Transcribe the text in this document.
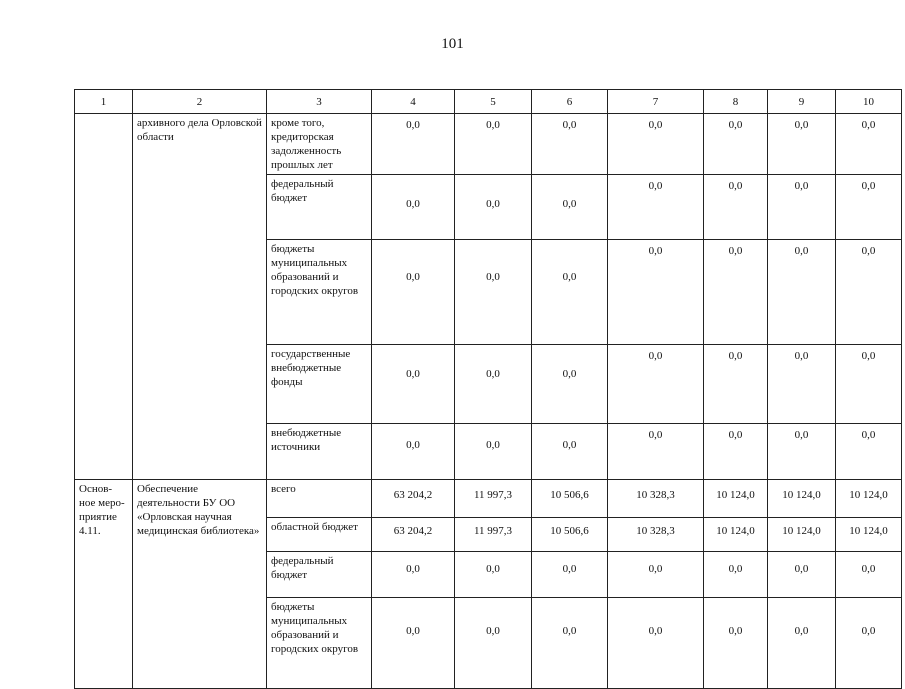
101
1	2	3	4	5	6	7	8	9	10
	архивного дела Орловской области	кроме того, кредиторская задолженность прошлых лет	0,0	0,0	0,0	0,0	0,0	0,0	0,0
		федеральный бюджет	0,0	0,0	0,0	0,0	0,0	0,0	0,0
		бюджеты муниципальных образований и городских округов	0,0	0,0	0,0	0,0	0,0	0,0	0,0
		государственные внебюджетные фонды	0,0	0,0	0,0	0,0	0,0	0,0	0,0
		внебюджетные источники	0,0	0,0	0,0	0,0	0,0	0,0	0,0
Основ-ное меро-приятие 4.11.	Обеспечение деятельности БУ ОО «Орловская научная медицинская библиотека»	всего	63 204,2	11 997,3	10 506,6	10 328,3	10 124,0	10 124,0	10 124,0
		областной бюджет	63 204,2	11 997,3	10 506,6	10 328,3	10 124,0	10 124,0	10 124,0
		федеральный бюджет	0,0	0,0	0,0	0,0	0,0	0,0	0,0
		бюджеты муниципальных образований и городских округов	0,0	0,0	0,0	0,0	0,0	0,0	0,0
